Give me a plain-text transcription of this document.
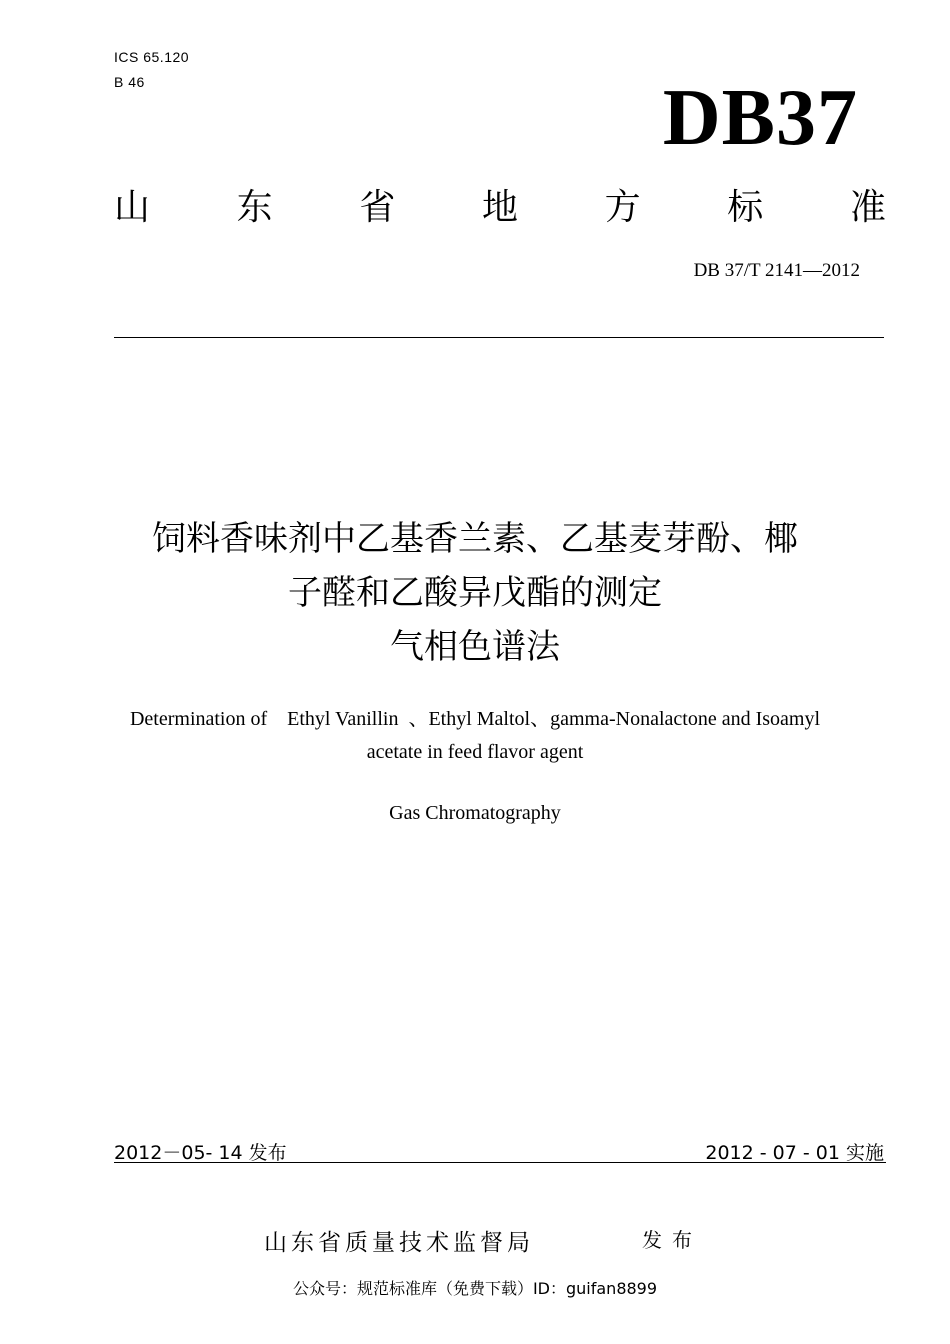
ICS 65.120
B 46	DB37
山 东 省 地 方 标 准
DB 37/T 2141—2012
饲料香味剂中乙基香兰素、乙基麦芽酚、椰
子醛和乙酸异戊酯的测定
气相色谱法
Determination of    Ethyl Vanillin  、Ethyl Maltol、gamma-Nonalactone and Isoamyl
acetate in feed flavor agent
Gas Chromatography
2012－05- 14 发布	2012 - 07 - 01 实施
山东省质量技术监督局	发布
公众号：规范标准库（免费下载）ID：guifan8899
